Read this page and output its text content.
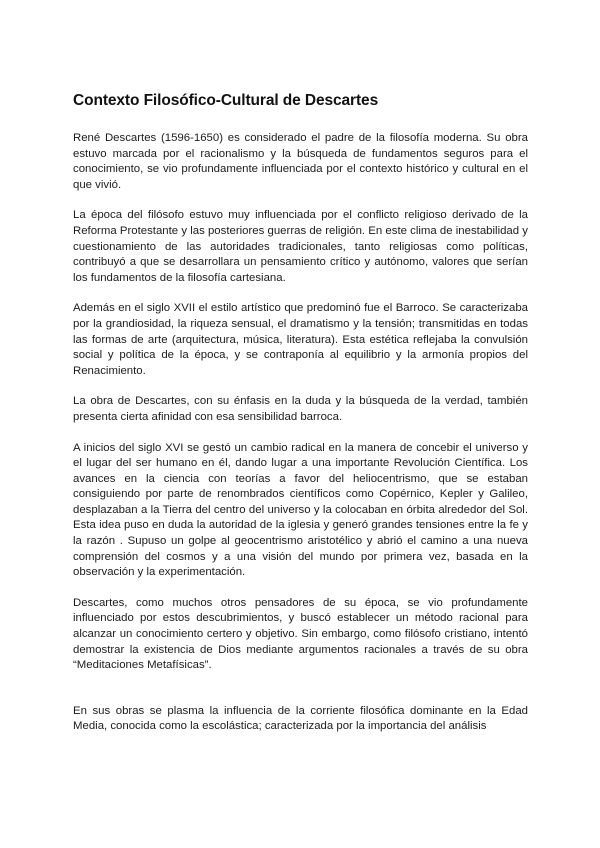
Contexto Filosófico-Cultural de Descartes

René Descartes (1596-1650) es considerado el padre de la filosofía moderna. Su obra estuvo marcada por el racionalismo y la búsqueda de fundamentos seguros para el conocimiento, se vio profundamente influenciada por el contexto histórico y cultural en el que vivió.

La época del filósofo estuvo muy influenciada por el conflicto religioso derivado de la Reforma Protestante y las posteriores guerras de religión. En este clima de inestabilidad y cuestionamiento de las autoridades tradicionales, tanto religiosas como políticas, contribuyó a que se desarrollara un pensamiento crítico y autónomo, valores que serían los fundamentos de la filosofía cartesiana.

Además en el siglo XVII el estilo artístico que predominó fue el Barroco. Se caracterizaba por la grandiosidad, la riqueza sensual, el dramatismo y la tensión; transmitidas en todas las formas de arte (arquitectura, música, literatura). Esta estética reflejaba la convulsión social y política de la época, y se contraponía al equilibrio y la armonía propios del Renacimiento.

La obra de Descartes, con su énfasis en la duda y la búsqueda de la verdad, también presenta cierta afinidad con esa sensibilidad barroca.

A inicios del siglo XVI se gestó un cambio radical en la manera de concebir el universo y el lugar del ser humano en él, dando lugar a una importante Revolución Científica. Los avances en la ciencia con teorías a favor del heliocentrismo, que se estaban consiguiendo por parte de renombrados científicos como Copérnico, Kepler y Galileo, desplazaban a la Tierra del centro del universo y la colocaban en órbita alrededor del Sol. Esta idea puso en duda la autoridad de la iglesia y generó grandes tensiones entre la fe y la razón . Supuso un golpe al geocentrismo aristotélico y abrió el camino a una nueva comprensión del cosmos y a una visión del mundo por primera vez, basada en la observación y la experimentación.

Descartes, como muchos otros pensadores de su época, se vio profundamente influenciado por estos descubrimientos, y buscó establecer un método racional para alcanzar un conocimiento certero y objetivo. Sin embargo, como filósofo cristiano, intentó demostrar la existencia de Dios mediante argumentos racionales a través de su obra “Meditaciones Metafísicas”.

En sus obras se plasma la influencia de la corriente filosófica dominante en la Edad Media, conocida como la escolástica; caracterizada por la importancia del análisis
